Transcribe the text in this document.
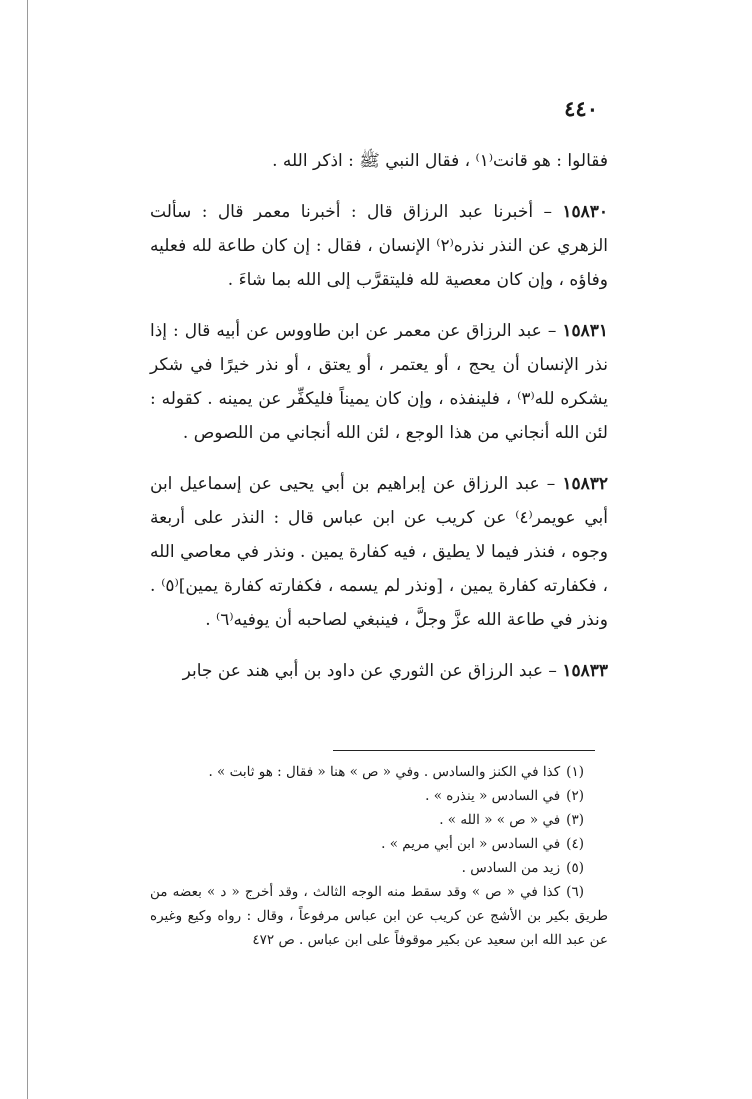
٤٤٠

فقالوا : هو قانت⁽١⁾ ، فقال النبي ﷺ : اذكر الله .

١٥٨٣٠ – أخبرنا عبد الرزاق قال : أخبرنا معمر قال : سألت الزهري عن النذر نذره⁽٢⁾ الإنسان ، فقال : إن كان طاعة لله فعليه وفاؤه ، وإن كان معصية لله فليتقرَّب إلى الله بما شاءَ .

١٥٨٣١ – عبد الرزاق عن معمر عن ابن طاووس عن أبيه قال : إذا نذر الإنسان أن يحج ، أو يعتمر ، أو يعتق ، أو نذر خيرًا في شكر يشكره لله⁽٣⁾ ، فلينفذه ، وإن كان يميناً فليكفِّر عن يمينه . كقوله : لئن الله أنجاني من هذا الوجع ، لئن الله أنجاني من اللصوص .

١٥٨٣٢ – عبد الرزاق عن إبراهيم بن أبي يحيى عن إسماعيل ابن أبي عويمر⁽٤⁾ عن كريب عن ابن عباس قال : النذر على أربعة وجوه ، فنذر فيما لا يطيق ، فيه كفارة يمين . ونذر في معاصي الله ، فكفارته كفارة يمين ، [ونذر لم يسمه ، فكفارته كفارة يمين]⁽٥⁾ . ونذر في طاعة الله عزَّ وجلَّ ، فينبغي لصاحبه أن يوفيه⁽٦⁾ .

١٥٨٣٣ – عبد الرزاق عن الثوري عن داود بن أبي هند عن جابر

(١)كذا في الكنز والسادس . وفي « ص » هنا « فقال : هو ثابت » .

(٢)في السادس « ينذره » .

(٣)في « ص » « الله » .

(٤)في السادس « ابن أبي مريم » .

(٥)زيد من السادس .

(٦)كذا في « ص » وقد سقط منه الوجه الثالث ، وقد أخرج « د » بعضه من طريق بكير بن الأشج عن كريب عن ابن عباس مرفوعاً ، وقال : رواه وكيع وغيره عن عبد الله ابن سعيد عن بكير موقوفاً على ابن عباس . ص ٤٧٢
